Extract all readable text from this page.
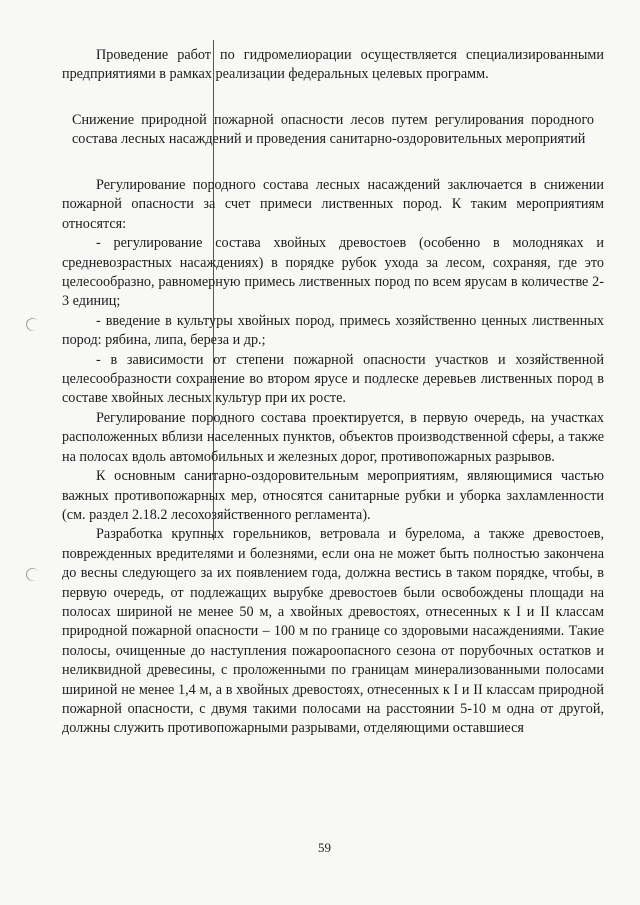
Проведение работ по гидромелиорации осуществляется специализированными предприятиями в рамках реализации федеральных целевых программ.

Снижение природной пожарной опасности лесов путем регулирования породного состава лесных насаждений и проведения санитарно-оздоровительных мероприятий

Регулирование породного состава лесных насаждений заключается в снижении пожарной опасности за счет примеси лиственных пород. К таким мероприятиям относятся:

- регулирование состава хвойных древостоев (особенно в молодняках и средневозрастных насаждениях) в порядке рубок ухода за лесом, сохраняя, где это целесообразно, равномерную примесь лиственных пород по всем ярусам в количестве 2-3 единиц;

- введение в культуры хвойных пород, примесь хозяйственно ценных лиственных пород: рябина, липа, береза и др.;

- в зависимости от степени пожарной опасности участков и хозяйственной целесообразности сохранение во втором ярусе и подлеске деревьев лиственных пород в составе хвойных лесных культур при их росте.

Регулирование породного состава проектируется, в первую очередь, на участках расположенных вблизи населенных пунктов, объектов производственной сферы, а также на полосах вдоль автомобильных и железных дорог, противопожарных разрывов.

К основным санитарно-оздоровительным мероприятиям, являющимися частью важных противопожарных мер, относятся санитарные рубки и уборка захламленности (см. раздел 2.18.2 лесохозяйственного регламента).

Разработка крупных горельников, ветровала и бурелома, а также древостоев, поврежденных вредителями и болезнями, если она не может быть полностью закончена до весны следующего за их появлением года, должна вестись в таком порядке, чтобы, в первую очередь, от подлежащих вырубке древостоев были освобождены площади на полосах шириной не менее 50 м, а хвойных древостоях, отнесенных к I и II классам природной пожарной опасности – 100 м по границе со здоровыми насаждениями. Такие полосы, очищенные до наступления пожароопасного сезона от порубочных остатков и неликвидной древесины, с проложенными по границам минерализованными полосами шириной не менее 1,4 м, а в хвойных древостоях, отнесенных к I и II классам природной пожарной опасности, с двумя такими полосами на расстоянии 5-10 м одна от другой, должны служить противопожарными разрывами, отделяющими оставшиеся

59
